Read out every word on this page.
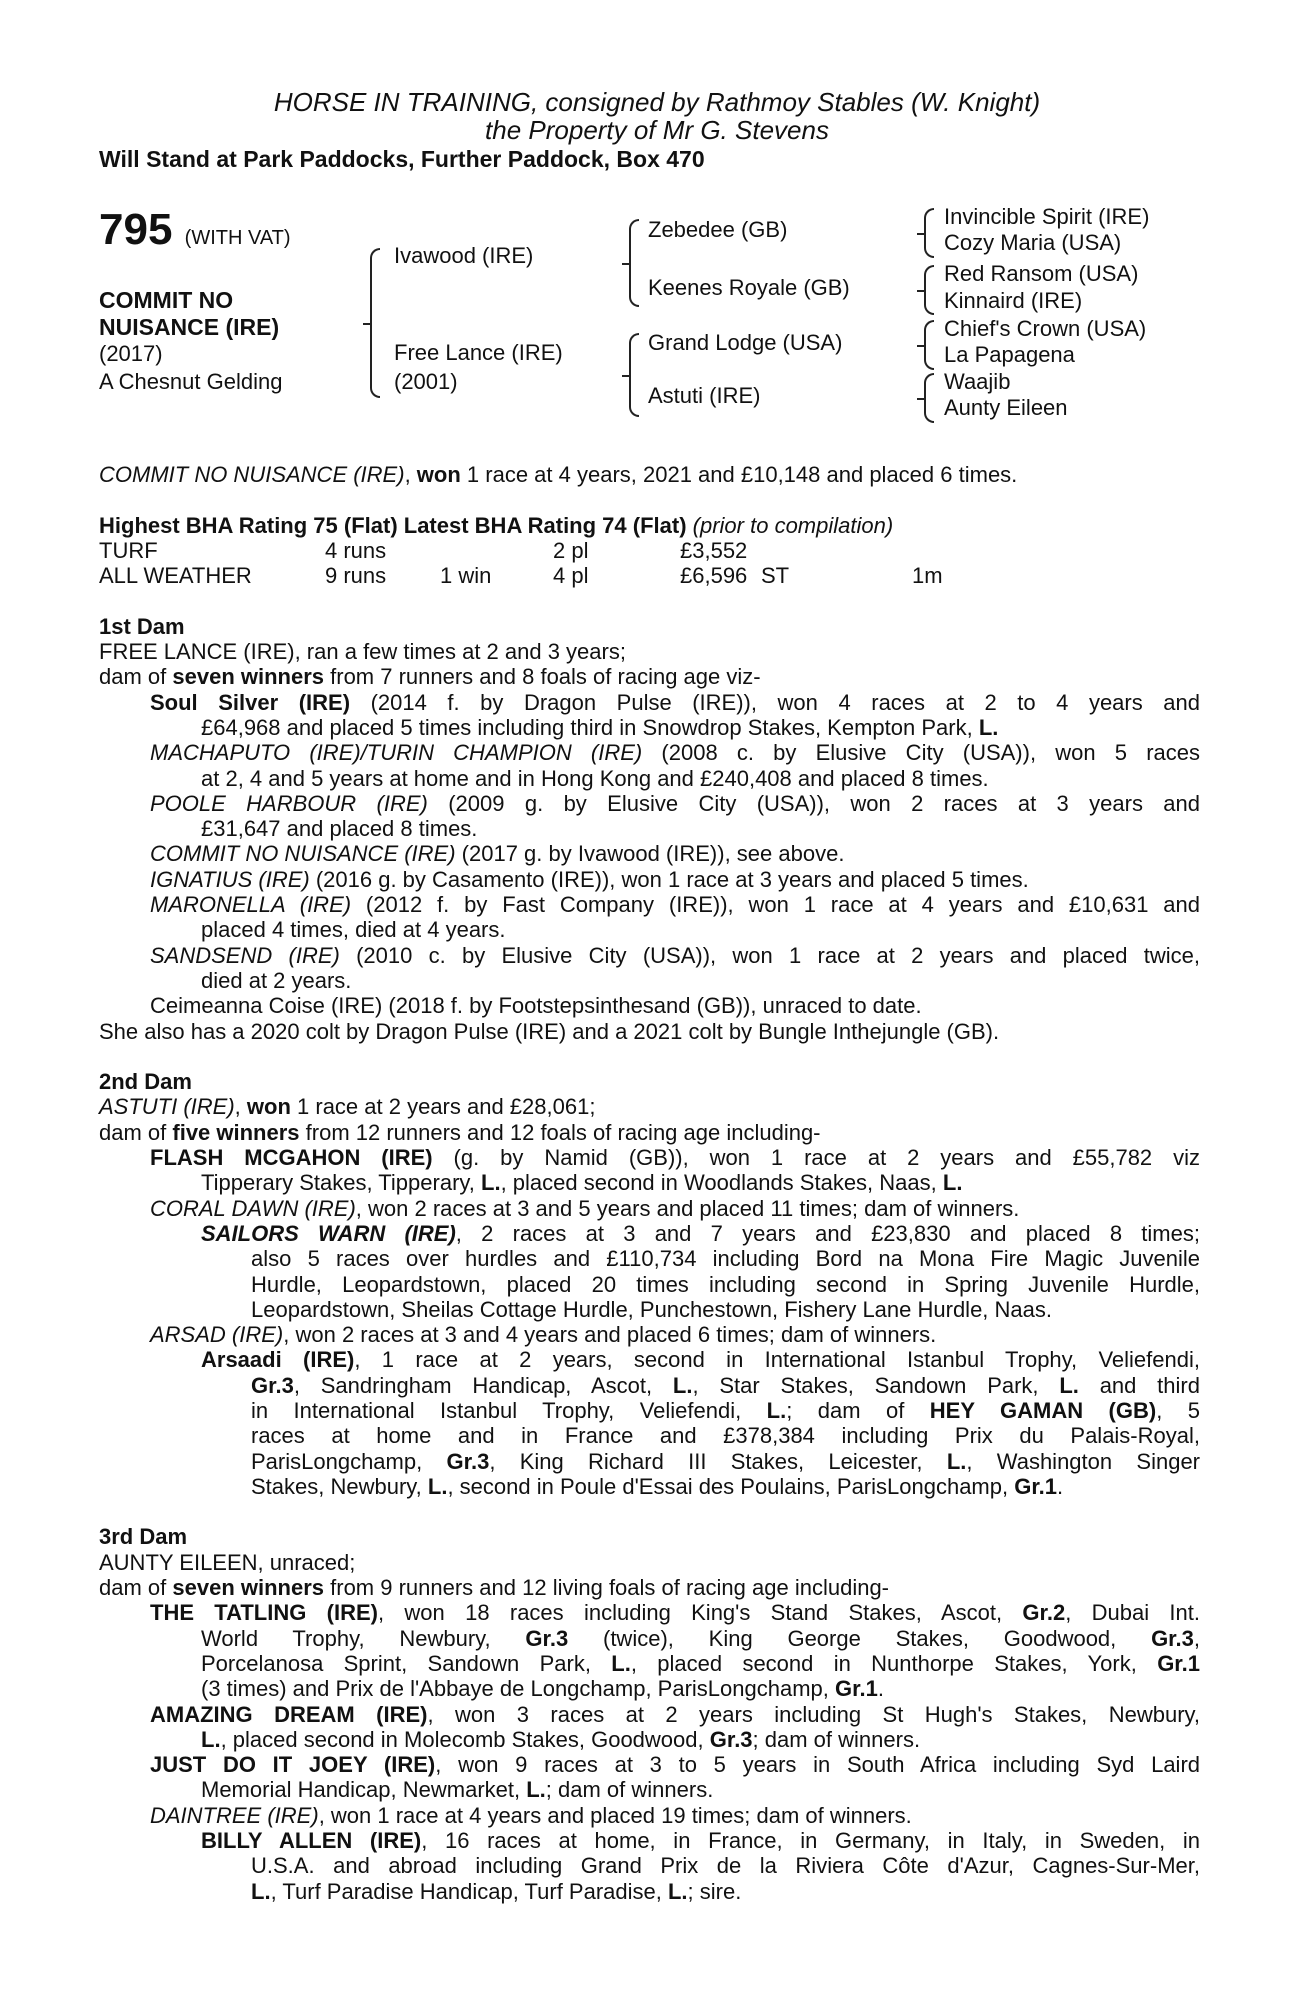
HORSE IN TRAINING, consigned by Rathmoy Stables (W. Knight)
the Property of Mr G. Stevens
Will Stand at Park Paddocks, Further Paddock, Box 470
795 (WITH VAT)
COMMIT NO
NUISANCE (IRE)
(2017)
A Chesnut Gelding
Ivawood (IRE)
Free Lance (IRE)
(2001)
Zebedee (GB)
Keenes Royale (GB)
Grand Lodge (USA)
Astuti (IRE)
Invincible Spirit (IRE)
Cozy Maria (USA)
Red Ransom (USA)
Kinnaird (IRE)
Chief's Crown (USA)
La Papagena
Waajib
Aunty Eileen
COMMIT NO NUISANCE (IRE), won 1 race at 4 years, 2021 and £10,148 and placed 6 times.
Highest BHA Rating 75 (Flat) Latest BHA Rating 74 (Flat) (prior to compilation)
TURF	4 runs	2 pl	£3,552
ALL WEATHER	9 runs 1 win	4 pl	£6,596 ST	1m
1st Dam
FREE LANCE (IRE), ran a few times at 2 and 3 years;
dam of seven winners from 7 runners and 8 foals of racing age viz-
Soul Silver (IRE) (2014 f. by Dragon Pulse (IRE)), won 4 races at 2 to 4 years and
£64,968 and placed 5 times including third in Snowdrop Stakes, Kempton Park, L.
MACHAPUTO (IRE)/TURIN CHAMPION (IRE) (2008 c. by Elusive City (USA)), won 5 races
at 2, 4 and 5 years at home and in Hong Kong and £240,408 and placed 8 times.
POOLE HARBOUR (IRE) (2009 g. by Elusive City (USA)), won 2 races at 3 years and
£31,647 and placed 8 times.
COMMIT NO NUISANCE (IRE) (2017 g. by Ivawood (IRE)), see above.
IGNATIUS (IRE) (2016 g. by Casamento (IRE)), won 1 race at 3 years and placed 5 times.
MARONELLA (IRE) (2012 f. by Fast Company (IRE)), won 1 race at 4 years and £10,631 and
placed 4 times, died at 4 years.
SANDSEND (IRE) (2010 c. by Elusive City (USA)), won 1 race at 2 years and placed twice,
died at 2 years.
Ceimeanna Coise (IRE) (2018 f. by Footstepsinthesand (GB)), unraced to date.
She also has a 2020 colt by Dragon Pulse (IRE) and a 2021 colt by Bungle Inthejungle (GB).
2nd Dam
ASTUTI (IRE), won 1 race at 2 years and £28,061;
dam of five winners from 12 runners and 12 foals of racing age including-
FLASH MCGAHON (IRE) (g. by Namid (GB)), won 1 race at 2 years and £55,782 viz
Tipperary Stakes, Tipperary, L., placed second in Woodlands Stakes, Naas, L.
CORAL DAWN (IRE), won 2 races at 3 and 5 years and placed 11 times; dam of winners.
SAILORS WARN (IRE), 2 races at 3 and 7 years and £23,830 and placed 8 times;
also 5 races over hurdles and £110,734 including Bord na Mona Fire Magic Juvenile
Hurdle, Leopardstown, placed 20 times including second in Spring Juvenile Hurdle,
Leopardstown, Sheilas Cottage Hurdle, Punchestown, Fishery Lane Hurdle, Naas.
ARSAD (IRE), won 2 races at 3 and 4 years and placed 6 times; dam of winners.
Arsaadi (IRE), 1 race at 2 years, second in International Istanbul Trophy, Veliefendi,
Gr.3, Sandringham Handicap, Ascot, L., Star Stakes, Sandown Park, L. and third
in International Istanbul Trophy, Veliefendi, L.; dam of HEY GAMAN (GB), 5
races at home and in France and £378,384 including Prix du Palais-Royal,
ParisLongchamp, Gr.3, King Richard III Stakes, Leicester, L., Washington Singer
Stakes, Newbury, L., second in Poule d'Essai des Poulains, ParisLongchamp, Gr.1.
3rd Dam
AUNTY EILEEN, unraced;
dam of seven winners from 9 runners and 12 living foals of racing age including-
THE TATLING (IRE), won 18 races including King's Stand Stakes, Ascot, Gr.2, Dubai Int.
World Trophy, Newbury, Gr.3 (twice), King George Stakes, Goodwood, Gr.3,
Porcelanosa Sprint, Sandown Park, L., placed second in Nunthorpe Stakes, York, Gr.1
(3 times) and Prix de l'Abbaye de Longchamp, ParisLongchamp, Gr.1.
AMAZING DREAM (IRE), won 3 races at 2 years including St Hugh's Stakes, Newbury,
L., placed second in Molecomb Stakes, Goodwood, Gr.3; dam of winners.
JUST DO IT JOEY (IRE), won 9 races at 3 to 5 years in South Africa including Syd Laird
Memorial Handicap, Newmarket, L.; dam of winners.
DAINTREE (IRE), won 1 race at 4 years and placed 19 times; dam of winners.
BILLY ALLEN (IRE), 16 races at home, in France, in Germany, in Italy, in Sweden, in
U.S.A. and abroad including Grand Prix de la Riviera Côte d'Azur, Cagnes-Sur-Mer,
L., Turf Paradise Handicap, Turf Paradise, L.; sire.
